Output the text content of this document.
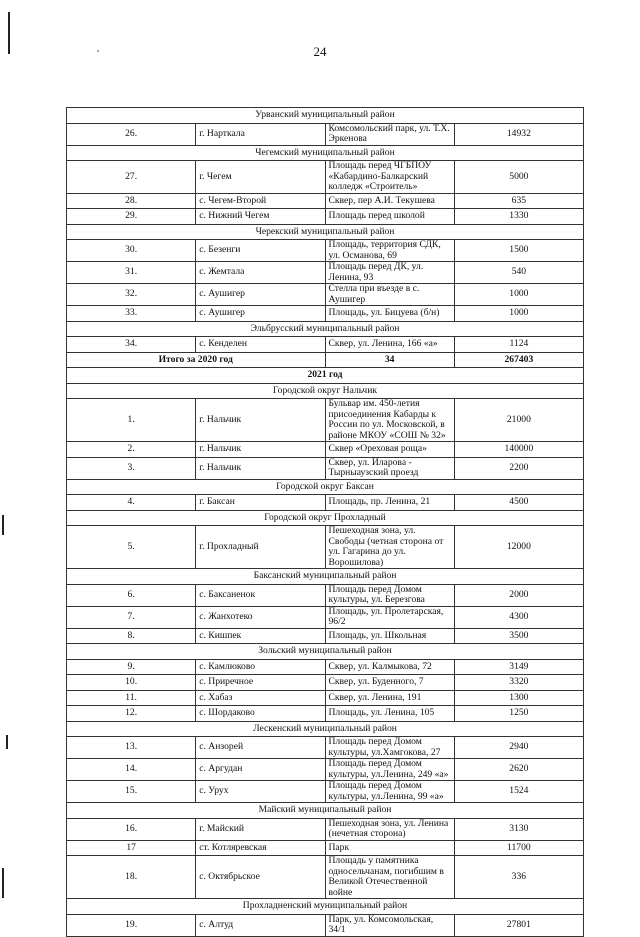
24
Урванский муниципальный район			
26.	г. Нарткала	Комсомольский парк, ул. Т.Х. Эркенова	14932
Чегемский муниципальный район			
27.	г. Чегем	Площадь перед ЧГБПОУ «Кабардино-Балкарский колледж «Строитель»	5000
28.	с. Чегем-Второй	Сквер, пер А.И. Текушева	635
29.	с. Нижний Чегем	Площадь перед школой	1330
Черекский муниципальный район			
30.	с. Безенги	Площадь, территория СДК, ул. Османова, 69	1500
31.	с. Жемтала	Площадь перед ДК, ул. Ленина, 93	540
32.	с. Аушигер	Стелла при въезде в с. Аушигер	1000
33.	с. Аушигер	Площадь, ул. Бицуева (б/н)	1000
Эльбрусский муниципальный район			
34.	с. Кенделен	Сквер, ул. Ленина, 166 «а»	1124
Итого за 2020 год		34	267403
2021 год			
Городской округ Нальчик			
1.	г. Нальчик	Бульвар им. 450-летия присоединения Кабарды к России по ул. Московской, в районе МКОУ «СОШ № 32»	21000
2.	г. Нальчик	Сквер «Ореховая роща»	140000
3.	г. Нальчик	Сквер, ул. Иларова - Тырныаузский проезд	2200
Городской округ Баксан			
4.	г. Баксан	Площадь, пр. Ленина, 21	4500
Городской округ Прохладный			
5.	г. Прохладный	Пешеходная зона, ул. Свободы (четная сторона от ул. Гагарина до ул. Ворошилова)	12000
Баксанский муниципальный район			
6.	с. Баксаненок	Площадь перед Домом культуры, ул. Березгова	2000
7.	с. Жанхотеко	Площадь, ул. Пролетарская, 96/2	4300
8.	с. Кишпек	Площадь, ул. Школьная	3500
Зольский муниципальный район			
9.	с. Камлюково	Сквер, ул. Калмыкова, 72	3149
10.	с. Приречное	Сквер, ул. Буденного, 7	3320
11.	с. Хабаз	Сквер, ул. Ленина, 191	1300
12.	с. Шордаково	Площадь, ул. Ленина, 105	1250
Лескенский муниципальный район			
13.	с. Анзорей	Площадь перед Домом культуры, ул.Хамгокова, 27	2940
14.	с. Аргудан	Площадь перед Домом культуры, ул.Ленина, 249 «а»	2620
15.	с. Урух	Площадь перед Домом культуры, ул.Ленина, 99 «а»	1524
Майский муниципальный район			
16.	г. Майский	Пешеходная зона, ул. Ленина (нечетная сторона)	3130
17	ст. Котляревская	Парк	11700
18.	с. Октябрьское	Площадь у памятника односельчанам, погибшим в Великой Отечественной войне	336
Прохладненский муниципальный район			
19.	с. Алтуд	Парк, ул. Комсомольская, 34/1	27801
